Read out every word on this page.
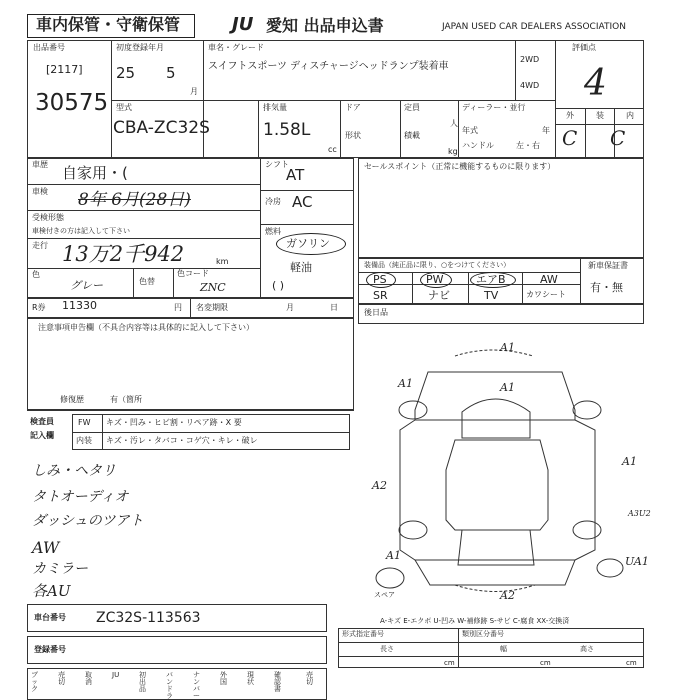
車内保管・守衛保管	JU 愛知 出品申込書	JAPAN USED CAR DEALERS ASSOCIATION
出品番号
[2117]
30575
初度登録年月
25 5
月
車名・グレード
スイフトスポーツ ディスチャージヘッドランプ装着車
2WD
4WD
評価点
4
外	装	内
C C
型式
CBA-ZC32S
排気量
1.58L
cc
ドア
形状
定員
人
積載
kg
ディーラー・並行
年式	年
ハンドル	左・右
車歴 自家用・(
車検 8年 6月(28日)
受検形態
車検付きの方は記入して下さい
走行 13万2千942	km
色
グレー	色替
色コード
ZNC
シフト
AT
冷房 AC
燃料
ガソリン
軽油
( )
R券 11330	円 名変期限	月	日
セールスポイント（正常に機能するものに限ります）
装備品（純正品に限り、○をつけてください）	新車保証書
有・無
PS	PW	エアB	AW
SR	ナビ	TV	カワシート
後日品
注意事項申告欄（不具合内容等は具体的に記入して下さい）
修復歴	有（箇所
検査員
記入欄
FW キズ・凹み・ヒビ割・リペア跡・X 要
内装 キズ・汚レ・タバコ・コゲ穴・キレ・破レ
しみ・ヘタリ
タトオーディオ
ダッシュのツアト
AW
カミラー
各AU
車台番号 ZC32S-113563
登録番号
ブック
売切
取消
JU	初出品
バンドラ
ナンバー
外国
現状
確認書
売切
A1
A1	A1
A2
A1
A3U2
A1	UA1
A2
スペア
A-キズ E-エクボ U-凹み W-補修跡 S-サビ C-腐食 XX-交換済
形式指定番号	類別区分番号
長さ
cm
幅
cm
高さ
cm
